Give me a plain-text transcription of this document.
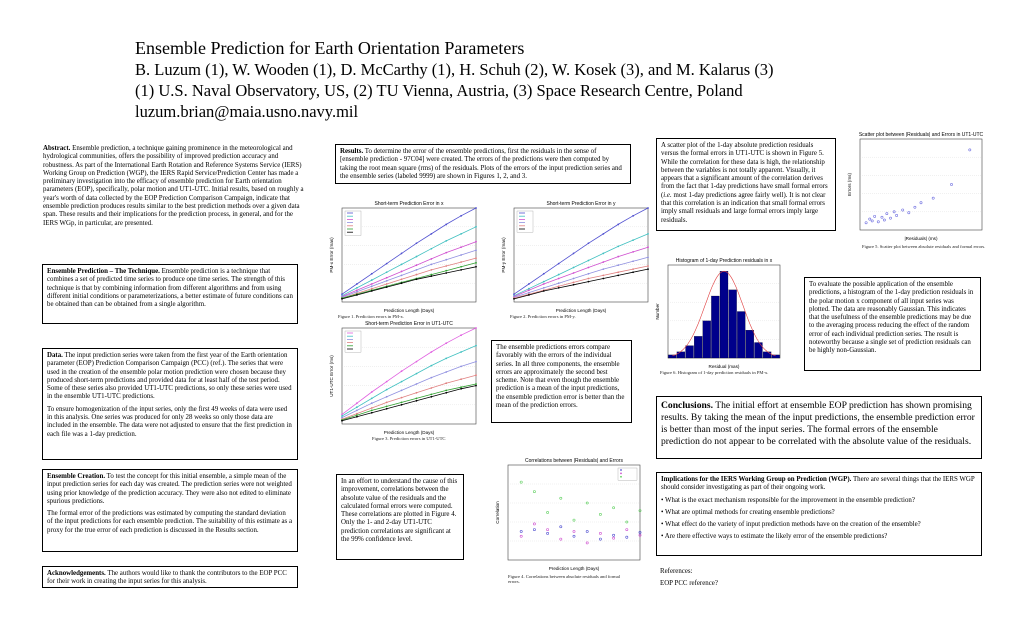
Ensemble Prediction for Earth Orientation Parameters
B. Luzum (1), W. Wooden (1), D. McCarthy (1), H. Schuh (2), W. Kosek (3), and M. Kalarus (3)
(1) U.S. Naval Observatory, US, (2) TU Vienna, Austria, (3) Space Research Centre, Poland
luzum.brian@maia.usno.navy.mil
Abstract. Ensemble prediction, a technique gaining prominence in the meteorological and hydrological communities, offers the possibility of improved prediction accuracy and robustness. As part of the International Earth Rotation and Reference Systems Service (IERS) Working Group on Prediction (WGP), the IERS Rapid Service/Prediction Center has made a preliminary investigation into the efficacy of ensemble prediction for Earth orientation parameters (EOP), specifically, polar motion and UT1-UTC. Initial results, based on roughly a year's worth of data collected by the EOP Prediction Comparison Campaign, indicate that ensemble prediction produces results similar to the best prediction methods over a given data span. These results and their implications for the prediction process, in general, and for the IERS WGp, in particular, are presented.
Ensemble Prediction – The Technique. Ensemble prediction is a technique that combines a set of predicted time series to produce one time series. The strength of this technique is that by combining information from different algorithms and from using different initial conditions or parameterizations, a better estimate of future conditions can be obtained than can be obtained from a single algorithm.

Data. The input prediction series were taken from the first year of the Earth orientation parameter (EOP) Prediction Comparison Campaign (PCC) (ref.). The series that were used in the creation of the ensemble polar motion prediction were chosen because they produced short-term predictions and provided data for at least half of the test period. Some of these series also provided UT1-UTC predictions, so only these series were used in the ensemble UT1-UTC predictions.

To ensure homogenization of the input series, only the first 49 weeks of data were used in this analysis. One series was produced for only 28 weeks so only those data are included in the ensemble. The data were not adjusted to ensure that the first prediction in each file was a 1-day prediction.

Ensemble Creation. To test the concept for this initial ensemble, a simple mean of the input prediction series for each day was created. The prediction series were not weighted using prior knowledge of the prediction accuracy. They were also not edited to eliminate spurious predictions.

The formal error of the predictions was estimated by computing the standard deviation of the input predictions for each ensemble prediction. The suitability of this estimate as a proxy for the true error of each prediction is discussed in the Results section.

Acknowledgements. The authors would like to thank the contributors to the EOP PCC for their work in creating the input series for this analysis.
Results. To determine the error of the ensemble predictions, first the residuals in the sense of [ensemble prediction - 97C04] were created. The errors of the predictions were then computed by taking the root mean square (rms) of the residuals. Plots of the errors of the input prediction series and the ensemble series (labeled 9999) are shown in Figures 1, 2, and 3.
Short-term Prediction Error in x
Prediction Length (Days)
PM-x Error (mas)
Figure 1. Prediction errors in PM-x.
Short-term Prediction Error in y
Prediction Length (Days)
PM-y Error (mas)
Figure 2. Prediction errors in PM-y.
Short-term Prediction Error in UT1-UTC
Prediction Length (Days)
UT1-UTC Error (ms)
Figure 3. Prediction errors in UT1-UTC
The ensemble predictions errors compare favorably with the errors of the individual series. In all three components, the ensemble errors are approximately the second best scheme. Note that even though the ensemble prediction is a mean of the input predictions, the ensemble prediction error is better than the mean of the prediction errors.
In an effort to understand the cause of this improvement, correlations between the absolute value of the residuals and the calculated formal errors were computed. These correlations are plotted in Figure 4. Only the 1- and 2-day UT1-UTC prediction correlations are significant at the 99% confidence level.
Correlations between |Residuals| and Errors
Prediction Length (Days)
Correlation
Figure 4. Correlations between absolute residuals and formal errors.
A scatter plot of the 1-day absolute prediction residuals versus the formal errors in UT1-UTC is shown in Figure 5. While the correlation for these data is high, the relationship between the variables is not totally apparent. Visually, it appears that a significant amount of the correlation derives from the fact that 1-day predictions have small formal errors (i.e. most 1-day predictions agree fairly well). It is not clear that this correlation is an indication that small formal errors imply small residuals and large formal errors imply large residuals.
Scatter plot between |Residuals| and Errors in UT1-UTC
|Residuals| (ms)
Errors (ms)
Figure 5. Scatter plot between absolute residuals and formal errors.
Histogram of 1-day Prediction residuals in x
Residual (mas)
Number
Figure 6. Histogram of 1-day prediction residuals in PM-x.
To evaluate the possible application of the ensemble predictions, a histogram of the 1-day prediction residuals in the polar motion x component of all input series was plotted. The data are reasonably Gaussian. This indicates that the usefulness of the ensemble predictions may be due to the averaging process reducing the effect of the random error of each individual prediction series. The result is noteworthy because a single set of prediction residuals can be highly non-Gaussian.
Conclusions. The initial effort at ensemble EOP prediction has shown promising results. By taking the mean of the input predictions, the ensemble prediction error is better than most of the input series. The formal errors of the ensemble prediction do not appear to be correlated with the absolute value of the residuals.

Implications for the IERS Working Group on Prediction (WGP). There are several things that the IERS WGP should consider investigating as part of their ongoing work.

• What is the exact mechanism responsible for the improvement in the ensemble prediction?

• What are optimal methods for creating ensemble predictions?

• What effect do the variety of input prediction methods have on the creation of the ensemble?

• Are there effective ways to estimate the likely error of the ensemble predictions?

References:
EOP PCC reference?
